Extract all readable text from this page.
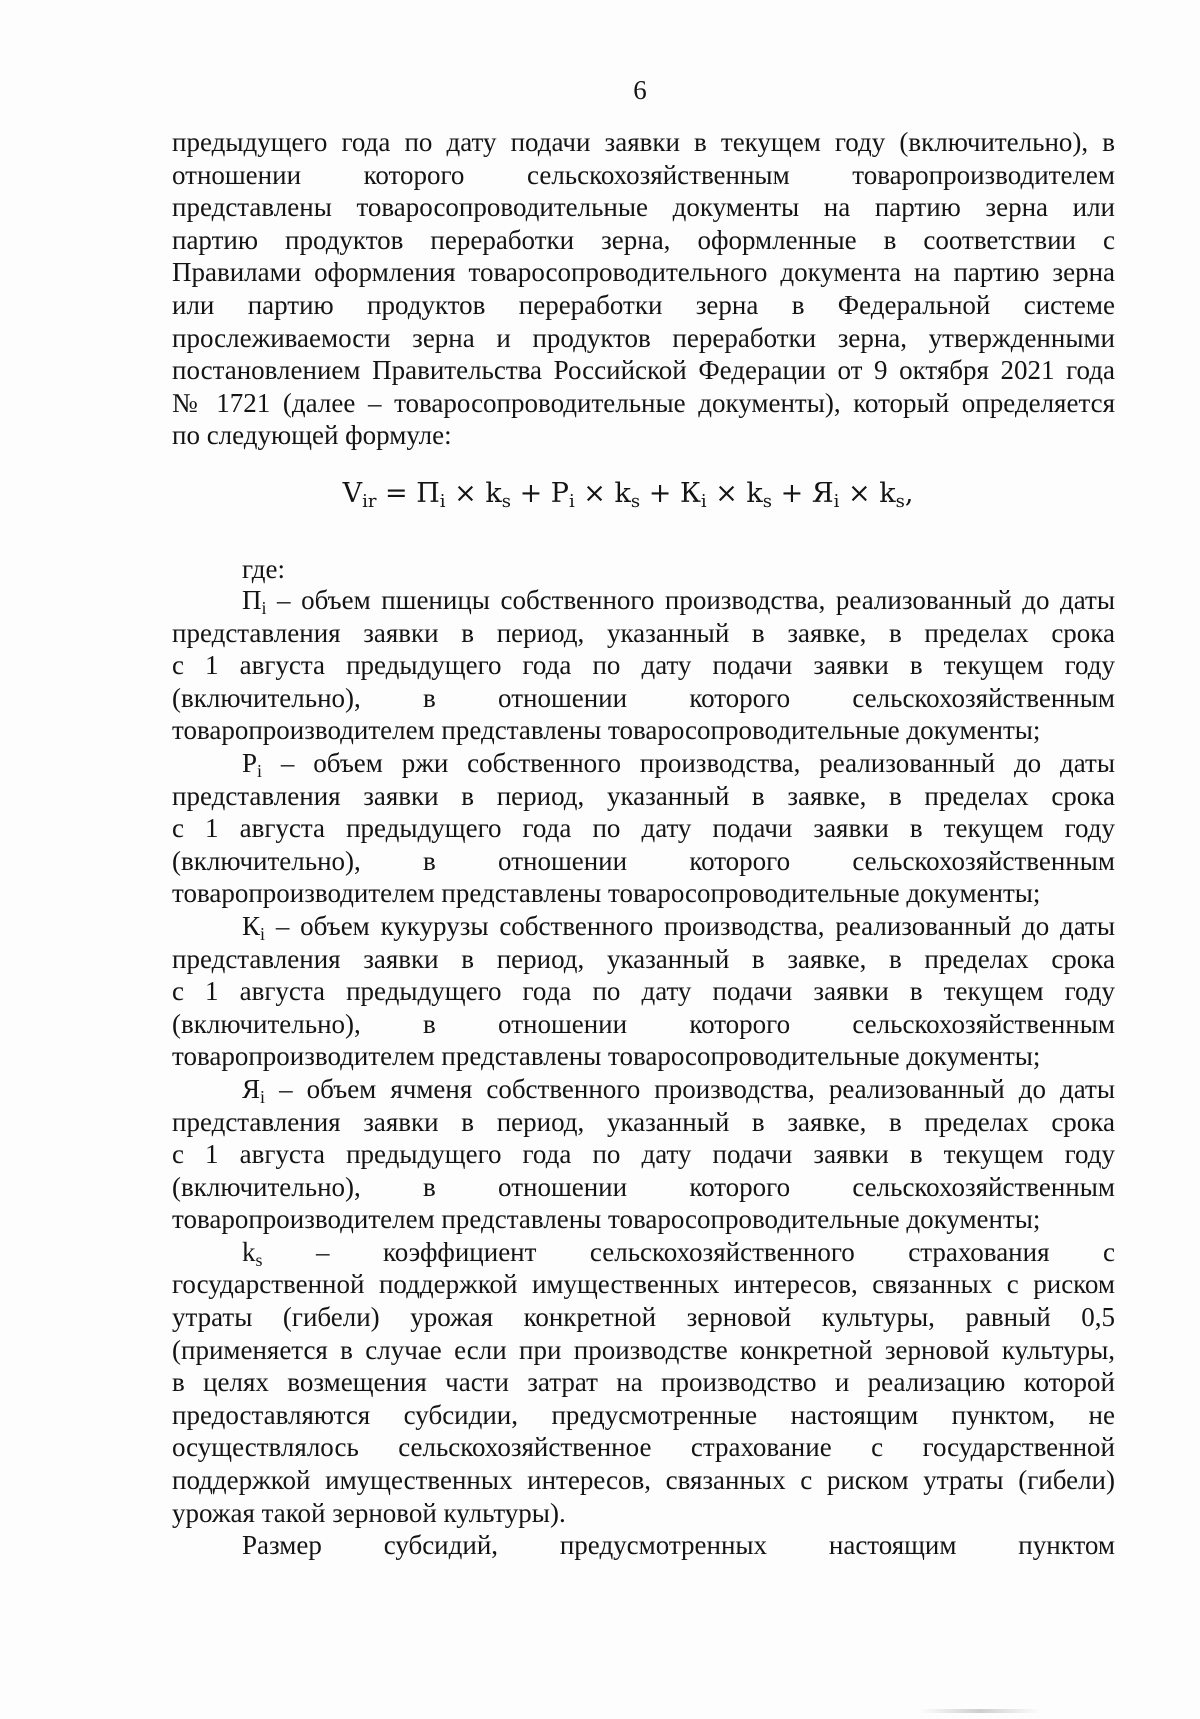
6
предыдущего года по дату подачи заявки в текущем году (включительно), в
отношении которого сельскохозяйственным товаропроизводителем
представлены товаросопроводительные документы на партию зерна или
партию продуктов переработки зерна, оформленные в соответствии с
Правилами оформления товаросопроводительного документа на партию зерна
или партию продуктов переработки зерна в Федеральной системе
прослеживаемости зерна и продуктов переработки зерна, утвержденными
постановлением Правительства Российской Федерации от 9 октября 2021 года
№ 1721 (далее – товаросопроводительные документы), который определяется
по следующей формуле:
$V_{ir} = П_i \times k_s + Р_i \times k_s + К_i \times k_s + Я_i \times k_s$,
где:
$П_i$ – объем пшеницы собственного производства, реализованный до даты
представления заявки в период, указанный в заявке, в пределах срока
с 1 августа предыдущего года по дату подачи заявки в текущем году
(включительно), в отношении которого сельскохозяйственным
товаропроизводителем представлены товаросопроводительные документы;
$Р_i$ – объем ржи собственного производства, реализованный до даты
представления заявки в период, указанный в заявке, в пределах срока
с 1 августа предыдущего года по дату подачи заявки в текущем году
(включительно), в отношении которого сельскохозяйственным
товаропроизводителем представлены товаросопроводительные документы;
$К_i$ – объем кукурузы собственного производства, реализованный до даты
представления заявки в период, указанный в заявке, в пределах срока
с 1 августа предыдущего года по дату подачи заявки в текущем году
(включительно), в отношении которого сельскохозяйственным
товаропроизводителем представлены товаросопроводительные документы;
$Я_i$ – объем ячменя собственного производства, реализованный до даты
представления заявки в период, указанный в заявке, в пределах срока
с 1 августа предыдущего года по дату подачи заявки в текущем году
(включительно), в отношении которого сельскохозяйственным
товаропроизводителем представлены товаросопроводительные документы;
$k_s$ – коэффициент сельскохозяйственного страхования с
государственной поддержкой имущественных интересов, связанных с риском
утраты (гибели) урожая конкретной зерновой культуры, равный 0,5
(применяется в случае если при производстве конкретной зерновой культуры,
в целях возмещения части затрат на производство и реализацию которой
предоставляются субсидии, предусмотренные настоящим пунктом, не
осуществлялось сельскохозяйственное страхование с государственной
поддержкой имущественных интересов, связанных с риском утраты (гибели)
урожая такой зерновой культуры).
Размер субсидий, предусмотренных настоящим пунктом
